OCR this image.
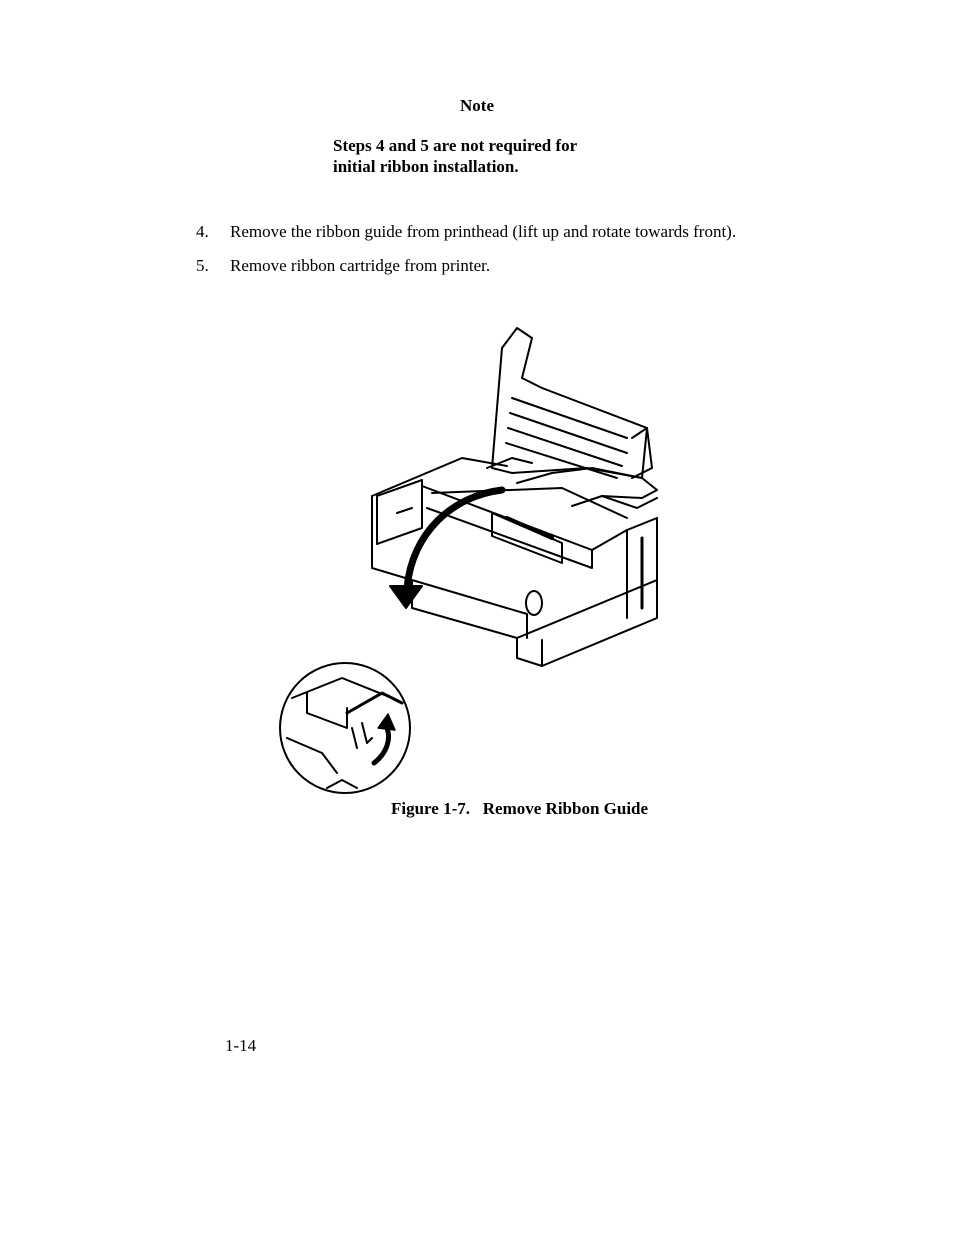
Note
Steps 4 and 5 are not required for
initial ribbon installation.
4. Remove the ribbon guide from printhead (lift up and rotate towards front).
5. Remove ribbon cartridge from printer.
Figure 1-7.   Remove Ribbon Guide
1-14
